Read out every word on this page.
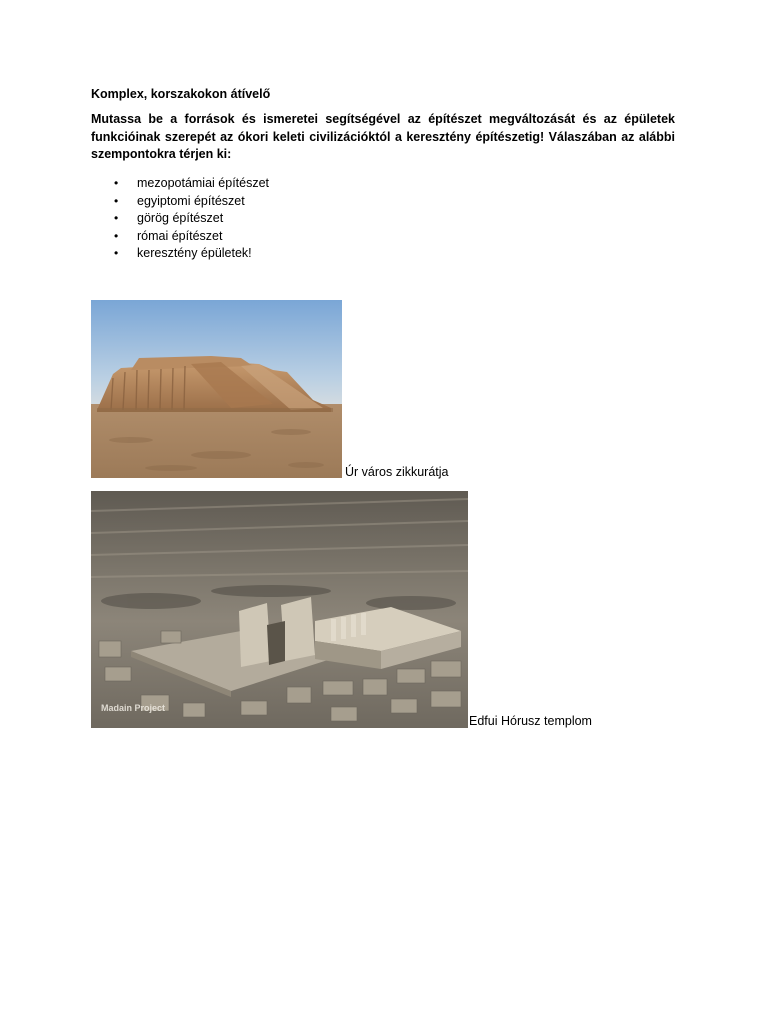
Komplex, korszakokon átívelő
Mutassa be a források és ismeretei segítségével az építészet megváltozását és az épületek funkcióinak szerepét az ókori keleti civilizációktól a keresztény építészetig! Válaszában az alábbi szempontokra térjen ki:
• mezopotámiai építészet
• egyiptomi építészet
• görög építészet
• római építészet
• keresztény épületek!
Úr város zikkurátja
Madain Project
Edfui Hórusz templom
